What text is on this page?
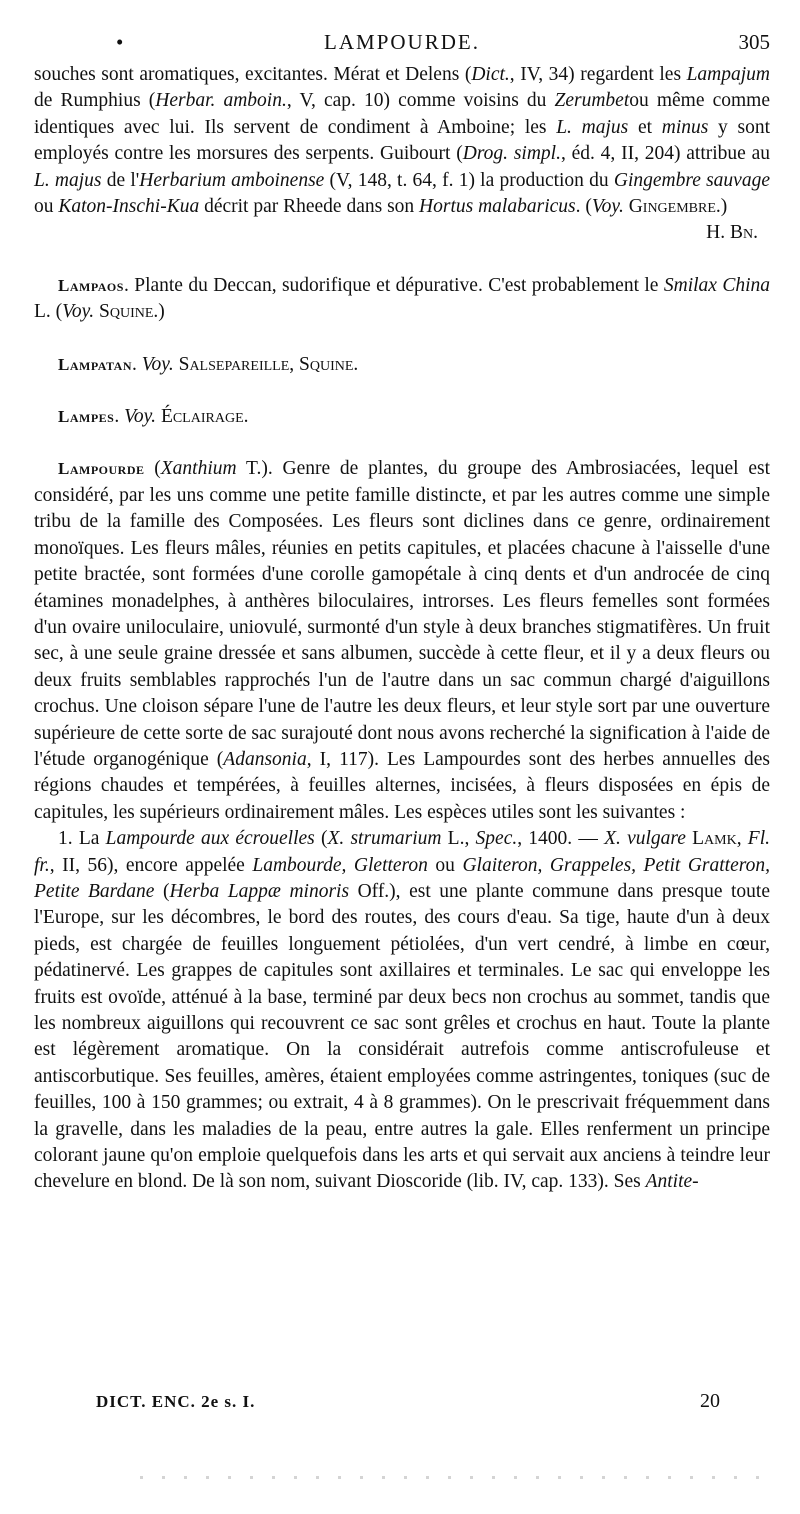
•	LAMPOURDE.	305

souches sont aromatiques, excitantes. Mérat et Delens (Dict., IV, 34) regardent les Lampajum de Rumphius (Herbar. amboin., V, cap. 10) comme voisins du Zerumbetou même comme identiques avec lui. Ils servent de condiment à Amboine; les L. majus et minus y sont employés contre les morsures des serpents. Guibourt (Drog. simpl., éd. 4, II, 204) attribue au L. majus de l'Herbarium amboinense (V, 148, t. 64, f. 1) la production du Gingembre sauvage ou Katon-Inschi-Kua décrit par Rheede dans son Hortus malabaricus. (Voy. Gingembre.)

H. Bn.

Lampaos. Plante du Deccan, sudorifique et dépurative. C'est probablement le Smilax China L. (Voy. Squine.)

Lampatan. Voy. Salsepareille, Squine.

Lampes. Voy. Éclairage.

Lampourde (Xanthium T.). Genre de plantes, du groupe des Ambrosiacées, lequel est considéré, par les uns comme une petite famille distincte, et par les autres comme une simple tribu de la famille des Composées. Les fleurs sont diclines dans ce genre, ordinairement monoïques. Les fleurs mâles, réunies en petits capitules, et placées chacune à l'aisselle d'une petite bractée, sont formées d'une corolle gamopétale à cinq dents et d'un androcée de cinq étamines monadelphes, à anthères biloculaires, introrses. Les fleurs femelles sont formées d'un ovaire uniloculaire, uniovulé, surmonté d'un style à deux branches stigmatifères. Un fruit sec, à une seule graine dressée et sans albumen, succède à cette fleur, et il y a deux fleurs ou deux fruits semblables rapprochés l'un de l'autre dans un sac commun chargé d'aiguillons crochus. Une cloison sépare l'une de l'autre les deux fleurs, et leur style sort par une ouverture supérieure de cette sorte de sac surajouté dont nous avons recherché la signification à l'aide de l'étude organogénique (Adansonia, I, 117). Les Lampourdes sont des herbes annuelles des régions chaudes et tempérées, à feuilles alternes, incisées, à fleurs disposées en épis de capitules, les supérieurs ordinairement mâles. Les espèces utiles sont les suivantes :

1. La Lampourde aux écrouelles (X. strumarium L., Spec., 1400. — X. vulgare Lamk, Fl. fr., II, 56), encore appelée Lambourde, Gletteron ou Glaiteron, Grappeles, Petit Gratteron, Petite Bardane (Herba Lappæ minoris Off.), est une plante commune dans presque toute l'Europe, sur les décombres, le bord des routes, des cours d'eau. Sa tige, haute d'un à deux pieds, est chargée de feuilles longuement pétiolées, d'un vert cendré, à limbe en cœur, pédatinervé. Les grappes de capitules sont axillaires et terminales. Le sac qui enveloppe les fruits est ovoïde, atténué à la base, terminé par deux becs non crochus au sommet, tandis que les nombreux aiguillons qui recouvrent ce sac sont grêles et crochus en haut. Toute la plante est légèrement aromatique. On la considérait autrefois comme antiscrofuleuse et antiscorbutique. Ses feuilles, amères, étaient employées comme astringentes, toniques (suc de feuilles, 100 à 150 grammes; ou extrait, 4 à 8 grammes). On le prescrivait fréquemment dans la gravelle, dans les maladies de la peau, entre autres la gale. Elles renferment un principe colorant jaune qu'on emploie quelquefois dans les arts et qui servait aux anciens à teindre leur chevelure en blond. De là son nom, suivant Dioscoride (lib. IV, cap. 133). Ses Antite-

DICT. ENC. 2e s. I.	20
